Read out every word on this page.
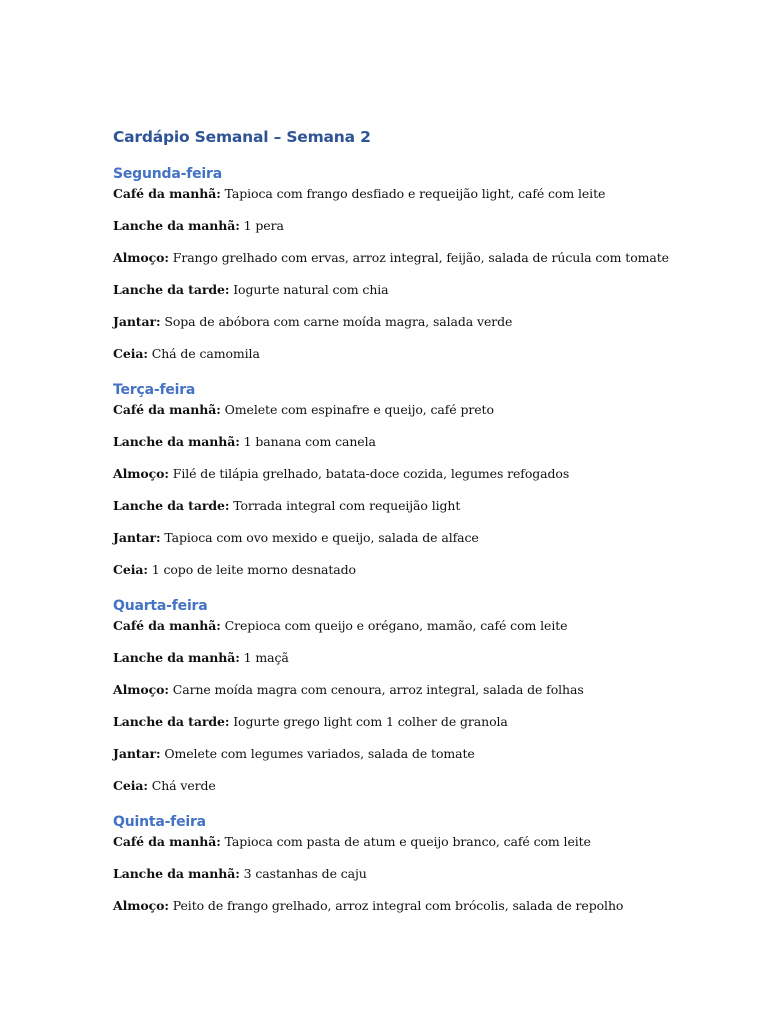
Cardápio Semanal – Semana 2
Segunda-feira

Café da manhã: Tapioca com frango desfiado e requeijão light, café com leite

Lanche da manhã: 1 pera

Almoço: Frango grelhado com ervas, arroz integral, feijão, salada de rúcula com tomate

Lanche da tarde: Iogurte natural com chia

Jantar: Sopa de abóbora com carne moída magra, salada verde

Ceia: Chá de camomila

Terça-feira

Café da manhã: Omelete com espinafre e queijo, café preto

Lanche da manhã: 1 banana com canela

Almoço: Filé de tilápia grelhado, batata-doce cozida, legumes refogados

Lanche da tarde: Torrada integral com requeijão light

Jantar: Tapioca com ovo mexido e queijo, salada de alface

Ceia: 1 copo de leite morno desnatado

Quarta-feira

Café da manhã: Crepioca com queijo e orégano, mamão, café com leite

Lanche da manhã: 1 maçã

Almoço: Carne moída magra com cenoura, arroz integral, salada de folhas

Lanche da tarde: Iogurte grego light com 1 colher de granola

Jantar: Omelete com legumes variados, salada de tomate

Ceia: Chá verde

Quinta-feira

Café da manhã: Tapioca com pasta de atum e queijo branco, café com leite

Lanche da manhã: 3 castanhas de caju

Almoço: Peito de frango grelhado, arroz integral com brócolis, salada de repolho
